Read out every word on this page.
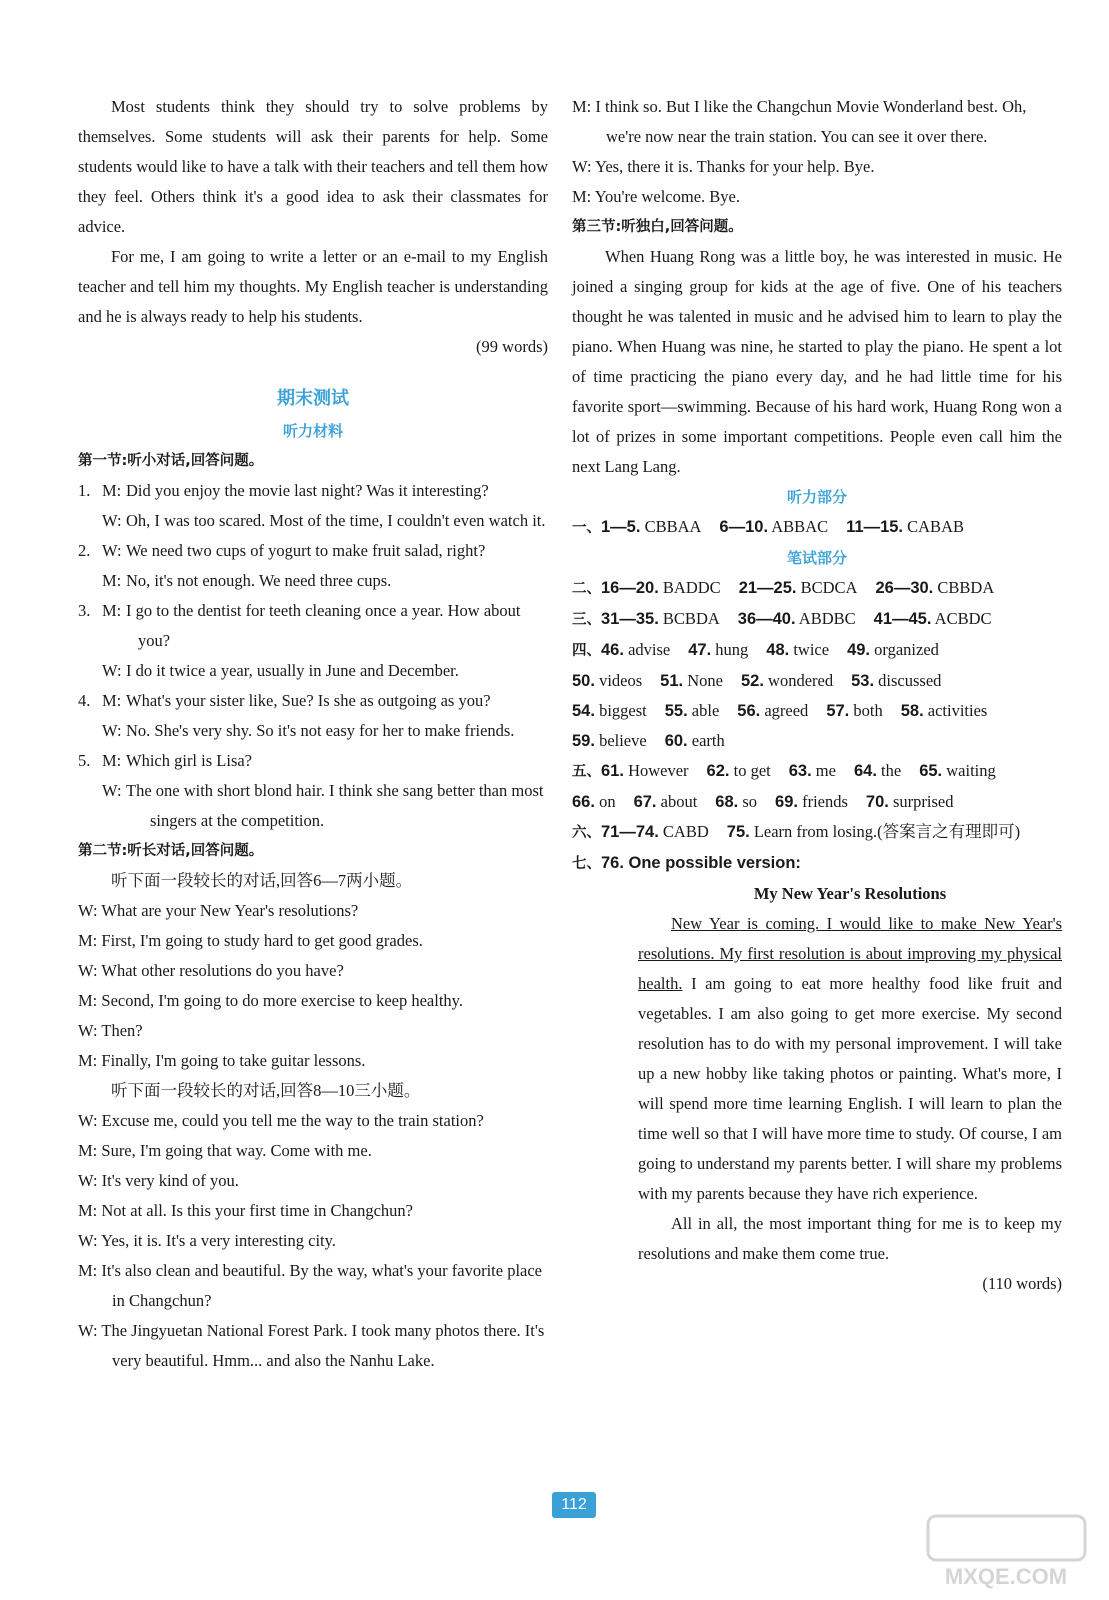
Most students think they should try to solve problems by themselves. Some students will ask their parents for help. Some students would like to have a talk with their teachers and tell them how they feel. Others think it's a good idea to ask their classmates for advice.

For me, I am going to write a letter or an e-mail to my English teacher and tell him my thoughts. My English teacher is understanding and he is always ready to help his students.

(99 words)

期末测试

听力材料

第一节:听小对话,回答问题。

1. M: Did you enjoy the movie last night? Was it interesting?

W: Oh, I was too scared. Most of the time, I couldn't even watch it.

2. W: We need two cups of yogurt to make fruit salad, right?

M: No, it's not enough. We need three cups.

3. M: I go to the dentist for teeth cleaning once a year. How about you?

W: I do it twice a year, usually in June and December.

4. M: What's your sister like, Sue? Is she as outgoing as you?

W: No. She's very shy. So it's not easy for her to make friends.

5. M: Which girl is Lisa?

W: The one with short blond hair. I think she sang better than most singers at the competition.

第二节:听长对话,回答问题。

听下面一段较长的对话,回答6—7两小题。

W: What are your New Year's resolutions?

M: First, I'm going to study hard to get good grades.

W: What other resolutions do you have?

M: Second, I'm going to do more exercise to keep healthy.

W: Then?

M: Finally, I'm going to take guitar lessons.

听下面一段较长的对话,回答8—10三小题。

W: Excuse me, could you tell me the way to the train station?

M: Sure, I'm going that way. Come with me.

W: It's very kind of you.

M: Not at all. Is this your first time in Changchun?

W: Yes, it is. It's a very interesting city.

M: It's also clean and beautiful. By the way, what's your favorite place in Changchun?

W: The Jingyuetan National Forest Park. I took many photos there. It's very beautiful. Hmm... and also the Nanhu Lake.

M: I think so. But I like the Changchun Movie Wonderland best. Oh, we're now near the train station. You can see it over there.

W: Yes, there it is. Thanks for your help. Bye.

M: You're welcome. Bye.

第三节:听独白,回答问题。

When Huang Rong was a little boy, he was interested in music. He joined a singing group for kids at the age of five. One of his teachers thought he was talented in music and he advised him to learn to play the piano. When Huang was nine, he started to play the piano. He spent a lot of time practicing the piano every day, and he had little time for his favorite sport—swimming. Because of his hard work, Huang Rong won a lot of prizes in some important competitions. People even call him the next Lang Lang.

听力部分

一、1—5. CBBAA 6—10. ABBAC 11—15. CABAB

笔试部分

二、16—20. BADDC 21—25. BCDCA 26—30. CBBDA

三、31—35. BCBDA 36—40. ABDBC 41—45. ACBDC

四、46. advise 47. hung 48. twice 49. organized

50. videos 51. None 52. wondered 53. discussed

54. biggest 55. able 56. agreed 57. both 58. activities

59. believe 60. earth

五、61. However 62. to get 63. me 64. the 65. waiting

66. on 67. about 68. so 69. friends 70. surprised

六、71—74. CABD 75. Learn from losing.(答案言之有理即可)
七、76. One possible version:

My New Year's Resolutions

New Year is coming. I would like to make New Year's resolutions. My first resolution is about improving my physical health. I am going to eat more healthy food like fruit and vegetables. I am also going to get more exercise. My second resolution has to do with my personal improvement. I will take up a new hobby like taking photos or painting. What's more, I will spend more time learning English. I will learn to plan the time well so that I will have more time to study. Of course, I am going to understand my parents better. I will share my problems with my parents because they have rich experience.

All in all, the most important thing for me is to keep my resolutions and make them come true.

(110 words)

112
MXQE.COM
